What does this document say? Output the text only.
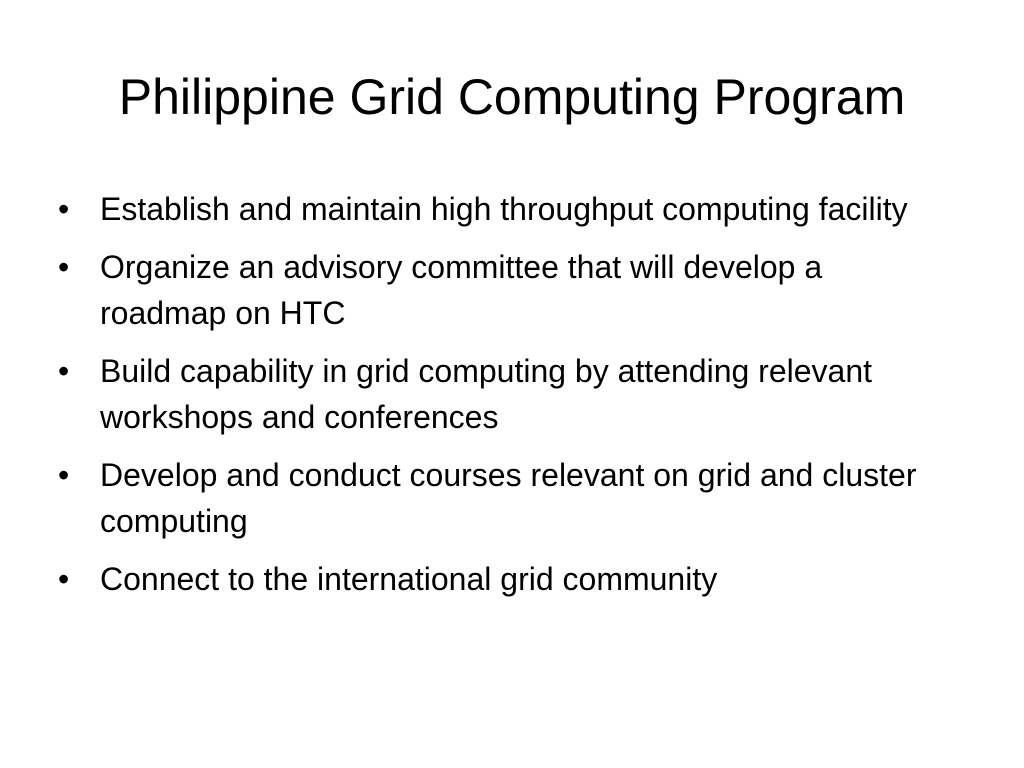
Philippine Grid Computing Program
• Establish and maintain high throughput computing facility
• Organize an advisory committee that will develop a roadmap on HTC
• Build capability in grid computing by attending relevant workshops and conferences
• Develop and conduct courses relevant on grid and cluster computing
• Connect to the international grid community
